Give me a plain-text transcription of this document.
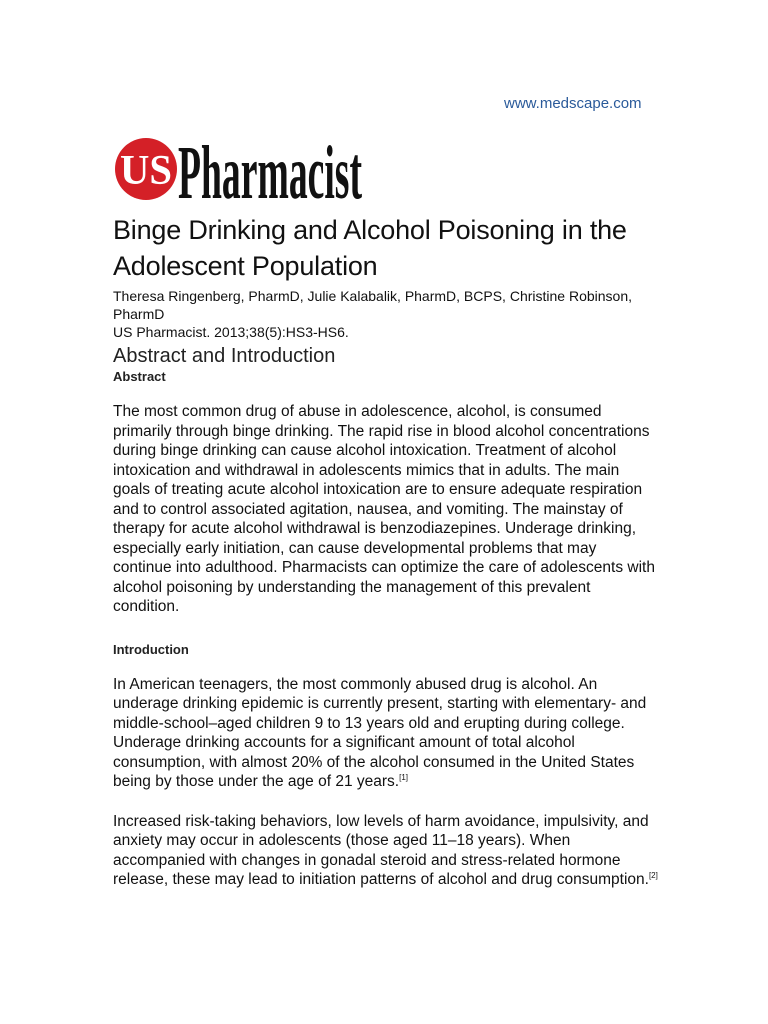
www.medscape.com
US Pharmacist
Binge Drinking and Alcohol Poisoning in the Adolescent Population

Theresa Ringenberg, PharmD, Julie Kalabalik, PharmD, BCPS, Christine Robinson, PharmD

US Pharmacist. 2013;38(5):HS3-HS6.

Abstract and Introduction
Abstract

The most common drug of abuse in adolescence, alcohol, is consumed primarily through binge drinking. The rapid rise in blood alcohol concentrations during binge drinking can cause alcohol intoxication. Treatment of alcohol intoxication and withdrawal in adolescents mimics that in adults. The main goals of treating acute alcohol intoxication are to ensure adequate respiration and to control associated agitation, nausea, and vomiting. The mainstay of therapy for acute alcohol withdrawal is benzodiazepines. Underage drinking, especially early initiation, can cause developmental problems that may continue into adulthood. Pharmacists can optimize the care of adolescents with alcohol poisoning by understanding the management of this prevalent condition.

Introduction

In American teenagers, the most commonly abused drug is alcohol. An underage drinking epidemic is currently present, starting with elementary- and middle-school–aged children 9 to 13 years old and erupting during college. Underage drinking accounts for a significant amount of total alcohol consumption, with almost 20% of the alcohol consumed in the United States being by those under the age of 21 years.[1]

Increased risk-taking behaviors, low levels of harm avoidance, impulsivity, and anxiety may occur in adolescents (those aged 11–18 years). When accompanied with changes in gonadal steroid and stress-related hormone release, these may lead to initiation patterns of alcohol and drug consumption.[2]
